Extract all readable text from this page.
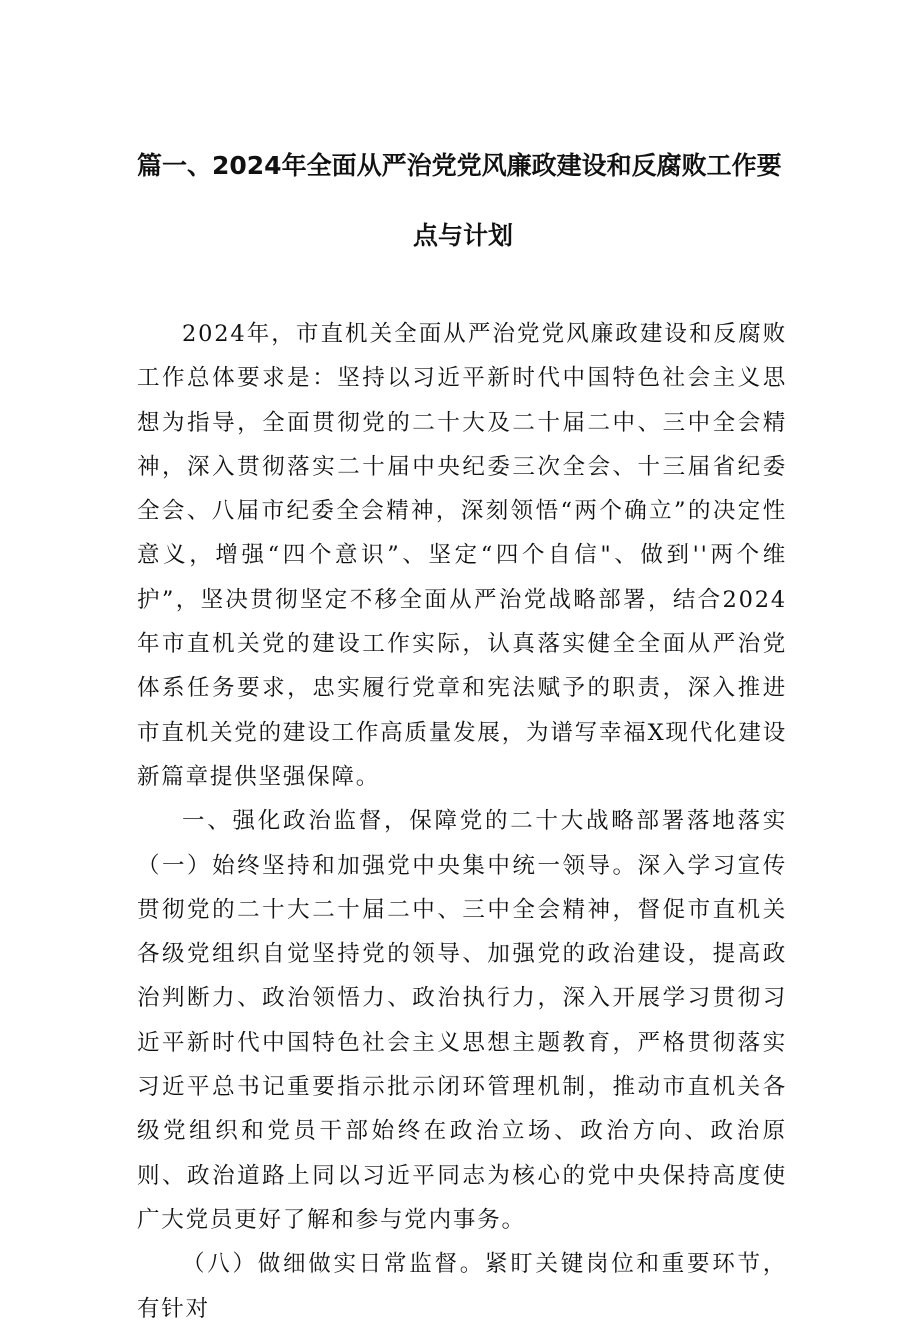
篇一、2024年全面从严治党党风廉政建设和反腐败工作要
点与计划

2024年，市直机关全面从严治党党风廉政建设和反腐败工作总体要求是：坚持以习近平新时代中国特色社会主义思想为指导，全面贯彻党的二十大及二十届二中、三中全会精神，深入贯彻落实二十届中央纪委三次全会、十三届省纪委全会、八届市纪委全会精神，深刻领悟“两个确立”的决定性意义，增强“四个意识”、坚定“四个自信"、做到''两个维护”，坚决贯彻坚定不移全面从严治党战略部署，结合2024年市直机关党的建设工作实际，认真落实健全全面从严治党体系任务要求，忠实履行党章和宪法赋予的职责，深入推进市直机关党的建设工作高质量发展，为谱写幸福X现代化建设新篇章提供坚强保障。

一、强化政治监督，保障党的二十大战略部署落地落实（一）始终坚持和加强党中央集中统一领导。深入学习宣传贯彻党的二十大二十届二中、三中全会精神，督促市直机关各级党组织自觉坚持党的领导、加强党的政治建设，提高政治判断力、政治领悟力、政治执行力，深入开展学习贯彻习近平新时代中国特色社会主义思想主题教育，严格贯彻落实习近平总书记重要指示批示闭环管理机制，推动市直机关各级党组织和党员干部始终在政治立场、政治方向、政治原则、政治道路上同以习近平同志为核心的党中央保持高度使广大党员更好了解和参与党内事务。

（八）做细做实日常监督。紧盯关键岗位和重要环节，有针对
